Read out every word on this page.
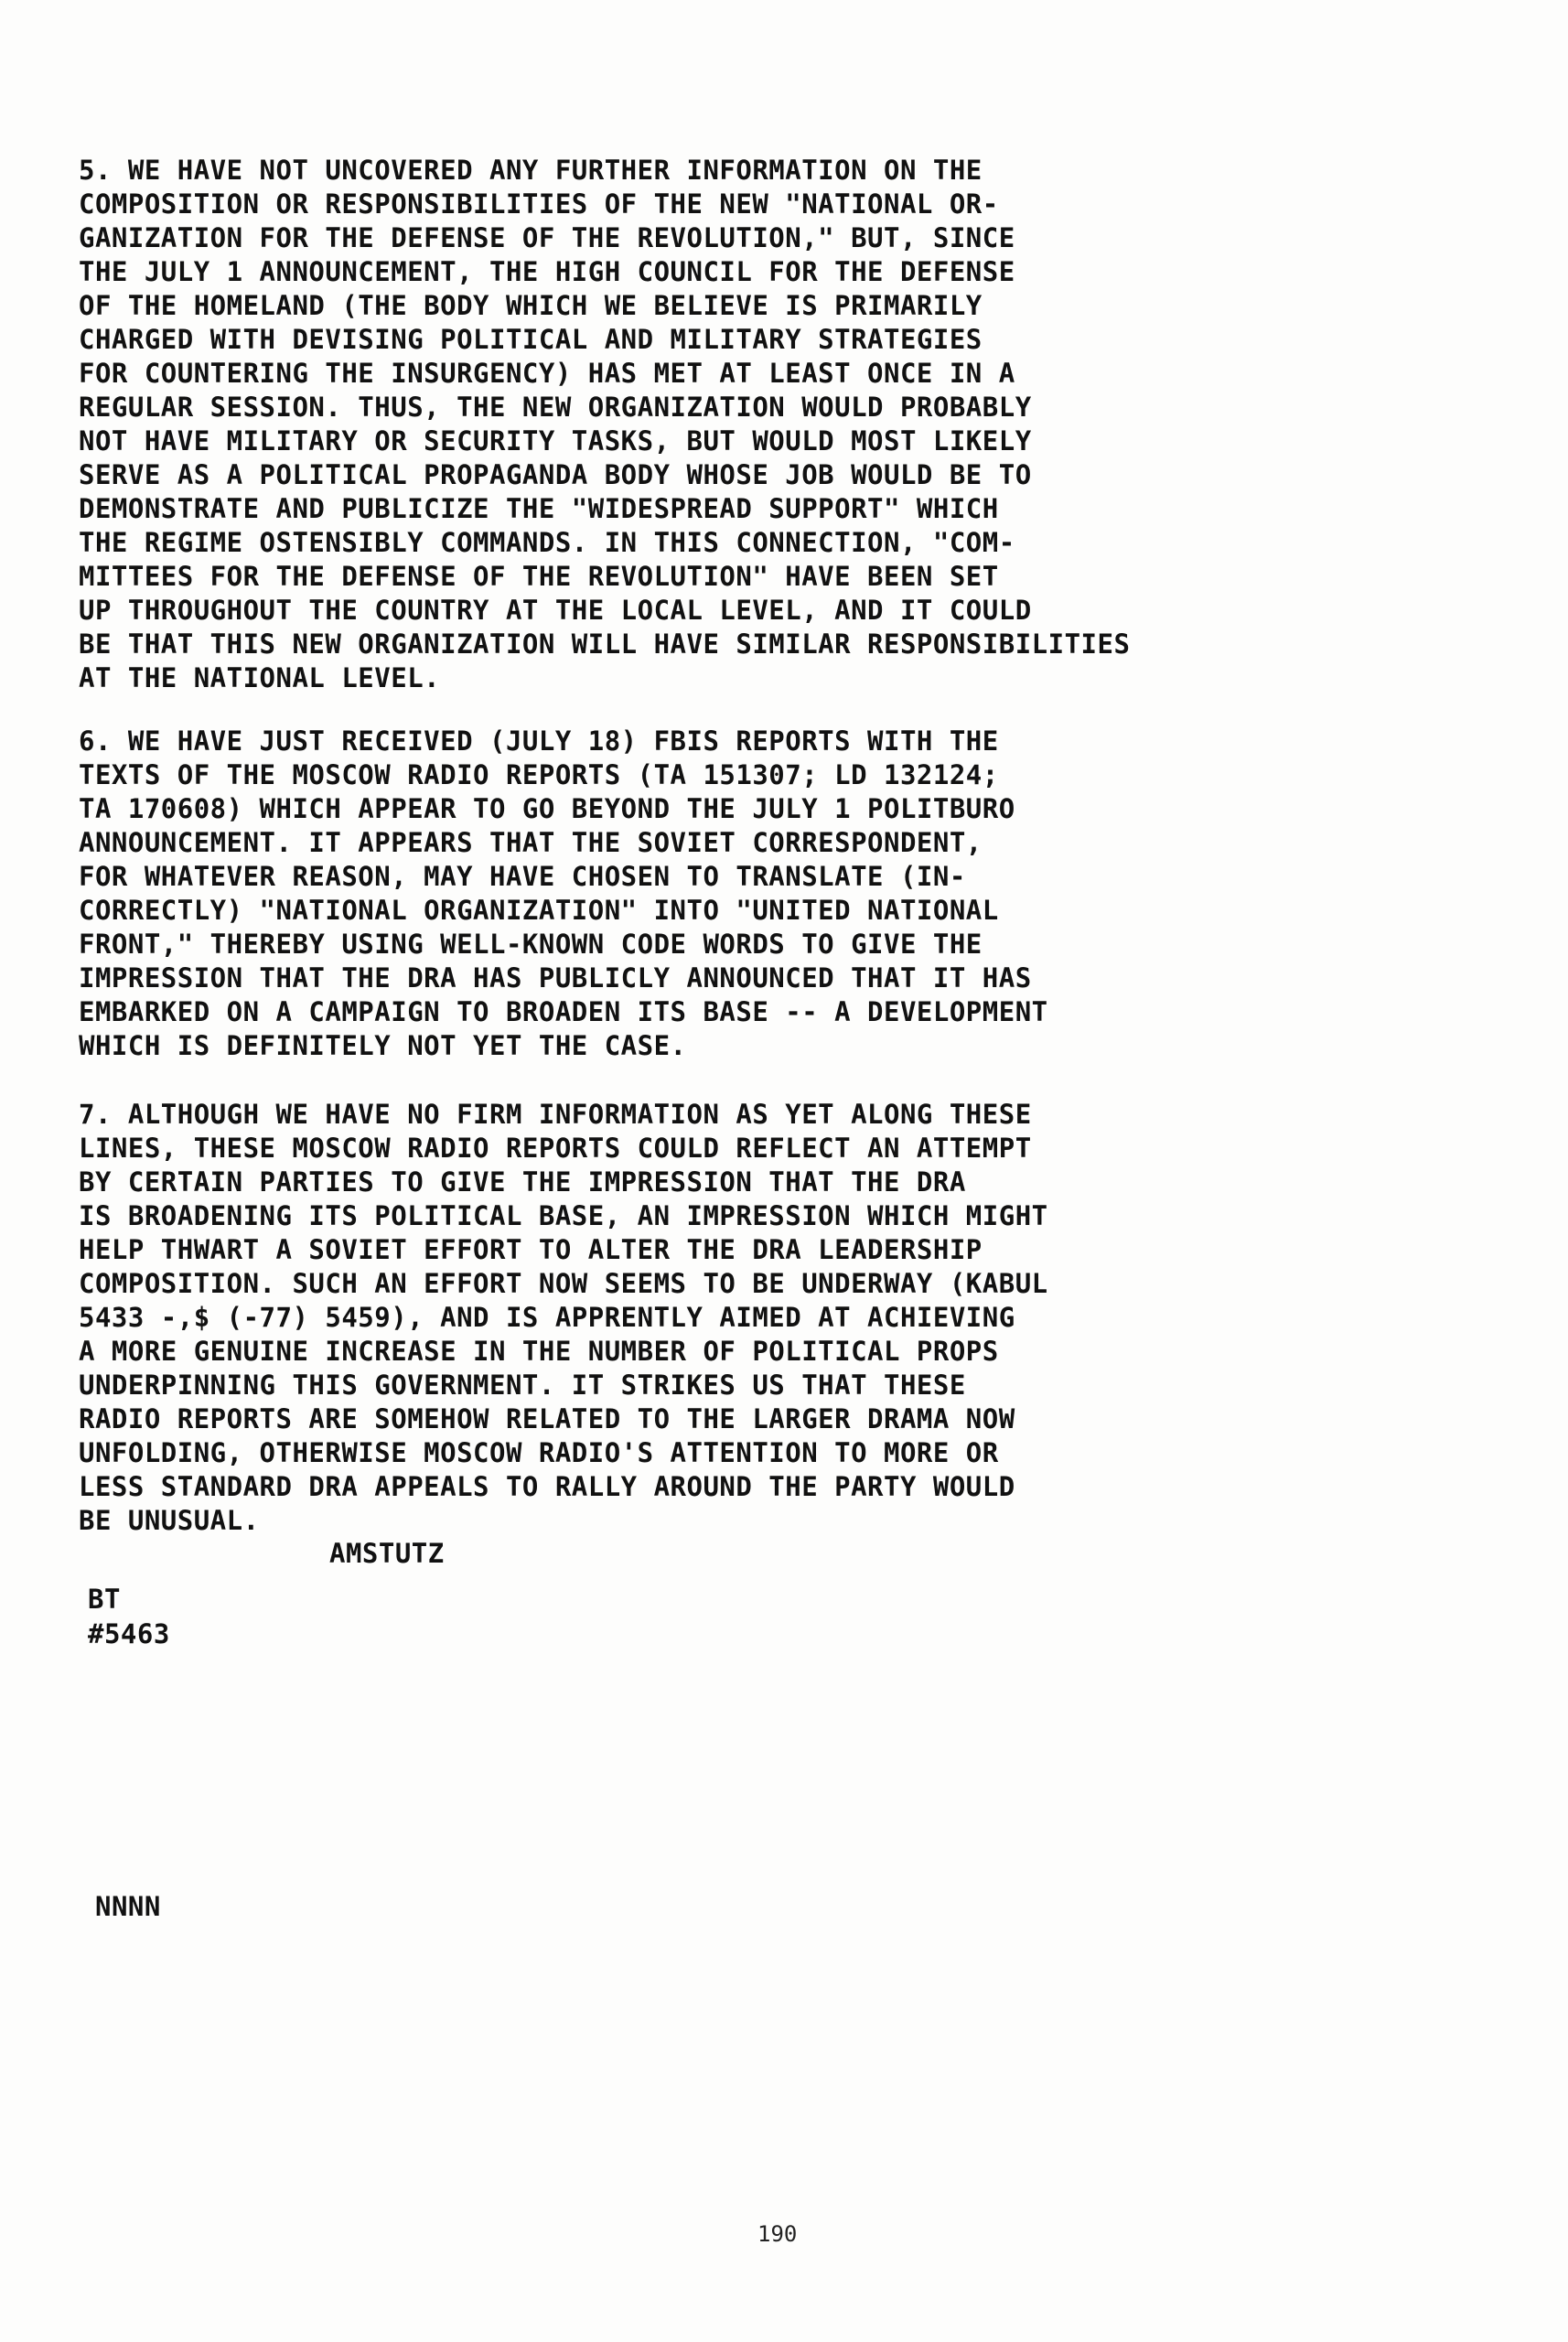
5. WE HAVE NOT UNCOVERED ANY FURTHER INFORMATION ON THE
COMPOSITION OR RESPONSIBILITIES OF THE NEW "NATIONAL OR-
GANIZATION FOR THE DEFENSE OF THE REVOLUTION," BUT, SINCE
THE JULY 1 ANNOUNCEMENT, THE HIGH COUNCIL FOR THE DEFENSE
OF THE HOMELAND (THE BODY WHICH WE BELIEVE IS PRIMARILY
CHARGED WITH DEVISING POLITICAL AND MILITARY STRATEGIES
FOR COUNTERING THE INSURGENCY) HAS MET AT LEAST ONCE IN A
REGULAR SESSION. THUS, THE NEW ORGANIZATION WOULD PROBABLY
NOT HAVE MILITARY OR SECURITY TASKS, BUT WOULD MOST LIKELY
SERVE AS A POLITICAL PROPAGANDA BODY WHOSE JOB WOULD BE TO
DEMONSTRATE AND PUBLICIZE THE "WIDESPREAD SUPPORT" WHICH
THE REGIME OSTENSIBLY COMMANDS. IN THIS CONNECTION, "COM-
MITTEES FOR THE DEFENSE OF THE REVOLUTION" HAVE BEEN SET
UP THROUGHOUT THE COUNTRY AT THE LOCAL LEVEL, AND IT COULD
BE THAT THIS NEW ORGANIZATION WILL HAVE SIMILAR RESPONSIBILITIES
AT THE NATIONAL LEVEL.
6. WE HAVE JUST RECEIVED (JULY 18) FBIS REPORTS WITH THE
TEXTS OF THE MOSCOW RADIO REPORTS (TA 151307; LD 132124;
TA 170608) WHICH APPEAR TO GO BEYOND THE JULY 1 POLITBURO
ANNOUNCEMENT. IT APPEARS THAT THE SOVIET CORRESPONDENT,
FOR WHATEVER REASON, MAY HAVE CHOSEN TO TRANSLATE (IN-
CORRECTLY) "NATIONAL ORGANIZATION" INTO "UNITED NATIONAL
FRONT," THEREBY USING WELL-KNOWN CODE WORDS TO GIVE THE
IMPRESSION THAT THE DRA HAS PUBLICLY ANNOUNCED THAT IT HAS
EMBARKED ON A CAMPAIGN TO BROADEN ITS BASE -- A DEVELOPMENT
WHICH IS DEFINITELY NOT YET THE CASE.
7. ALTHOUGH WE HAVE NO FIRM INFORMATION AS YET ALONG THESE
LINES, THESE MOSCOW RADIO REPORTS COULD REFLECT AN ATTEMPT
BY CERTAIN PARTIES TO GIVE THE IMPRESSION THAT THE DRA
IS BROADENING ITS POLITICAL BASE, AN IMPRESSION WHICH MIGHT
HELP THWART A SOVIET EFFORT TO ALTER THE DRA LEADERSHIP
COMPOSITION. SUCH AN EFFORT NOW SEEMS TO BE UNDERWAY (KABUL
5433 -,$ (-77) 5459), AND IS APPRENTLY AIMED AT ACHIEVING
A MORE GENUINE INCREASE IN THE NUMBER OF POLITICAL PROPS
UNDERPINNING THIS GOVERNMENT. IT STRIKES US THAT THESE
RADIO REPORTS ARE SOMEHOW RELATED TO THE LARGER DRAMA NOW
UNFOLDING, OTHERWISE MOSCOW RADIO'S ATTENTION TO MORE OR
LESS STANDARD DRA APPEALS TO RALLY AROUND THE PARTY WOULD
BE UNUSUAL.
AMSTUTZ
BT
#5463
NNNN
190
